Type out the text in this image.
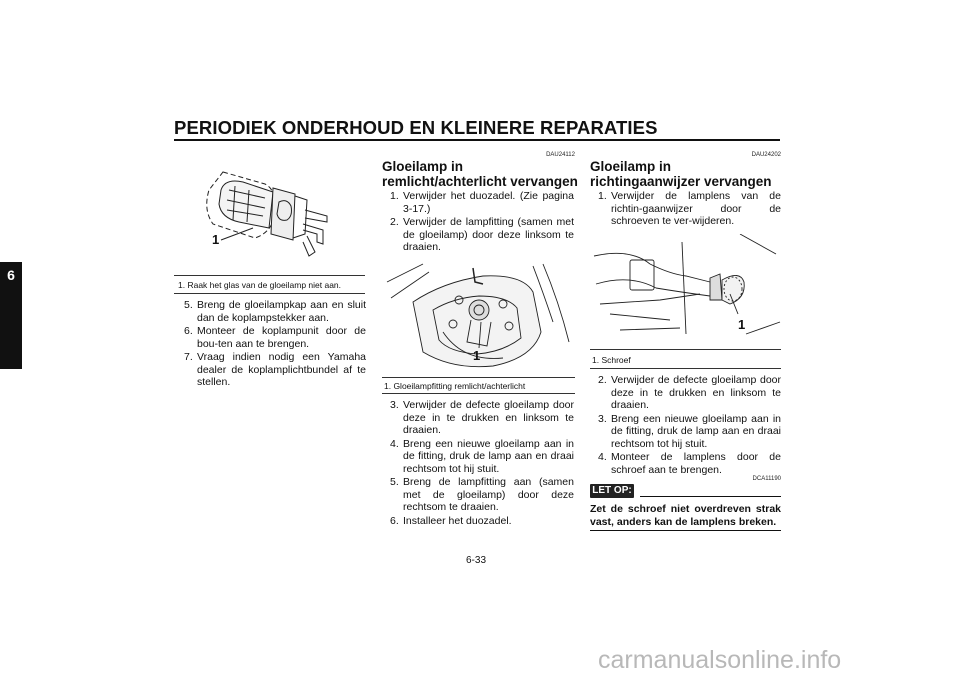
PERIODIEK ONDERHOUD EN KLEINERE REPARATIES
6
1
1. Raak het glas van de gloeilamp niet aan.
5. Breng de gloeilampkap aan en sluit dan de koplampstekker aan.
6. Monteer de koplampunit door de bou-ten aan te brengen.
7. Vraag indien nodig een Yamaha dealer de koplamplichtbundel af te stellen.
DAU24112
Gloeilamp in remlicht/achterlicht vervangen
1. Verwijder het duozadel. (Zie pagina 3-17.)
2. Verwijder de lampfitting (samen met de gloeilamp) door deze linksom te draaien.
1
1. Gloeilampfitting remlicht/achterlicht
3. Verwijder de defecte gloeilamp door deze in te drukken en linksom te draaien.
4. Breng een nieuwe gloeilamp aan in de fitting, druk de lamp aan en draai rechtsom tot hij stuit.
5. Breng de lampfitting aan (samen met de gloeilamp) door deze rechtsom te draaien.
6. Installeer het duozadel.
DAU24202
Gloeilamp in richtingaanwijzer vervangen
1. Verwijder de lamplens van de richtin-gaanwijzer door de schroeven te ver-wijderen.
1
1. Schroef
2. Verwijder de defecte gloeilamp door deze in te drukken en linksom te draaien.
3. Breng een nieuwe gloeilamp aan in de fitting, druk de lamp aan en draai rechtsom tot hij stuit.
4. Monteer de lamplens door de schroef aan te brengen.
DCA11190
LET OP:
Zet de schroef niet overdreven strak vast, anders kan de lamplens breken.
6-33
carmanualsonline.info
